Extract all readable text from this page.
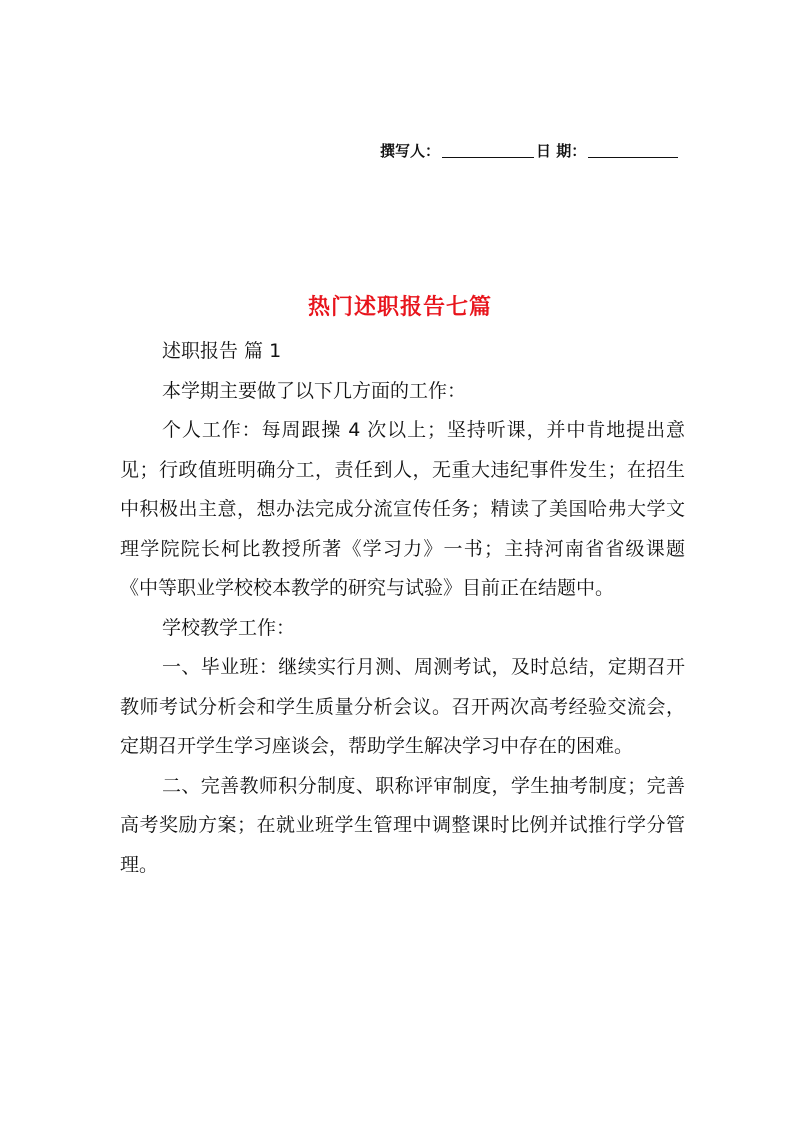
撰写人：	日 期：
热门述职报告七篇

述职报告 篇 1

本学期主要做了以下几方面的工作：

个人工作：每周跟操 4 次以上；坚持听课，并中肯地提出意见；行政值班明确分工，责任到人，无重大违纪事件发生；在招生中积极出主意，想办法完成分流宣传任务；精读了美国哈弗大学文理学院院长柯比教授所著《学习力》一书；主持河南省省级课题《中等职业学校校本教学的研究与试验》目前正在结题中。

学校教学工作：

一、毕业班：继续实行月测、周测考试，及时总结，定期召开教师考试分析会和学生质量分析会议。召开两次高考经验交流会，定期召开学生学习座谈会，帮助学生解决学习中存在的困难。

二、完善教师积分制度、职称评审制度，学生抽考制度；完善高考奖励方案；在就业班学生管理中调整课时比例并试推行学分管理。
